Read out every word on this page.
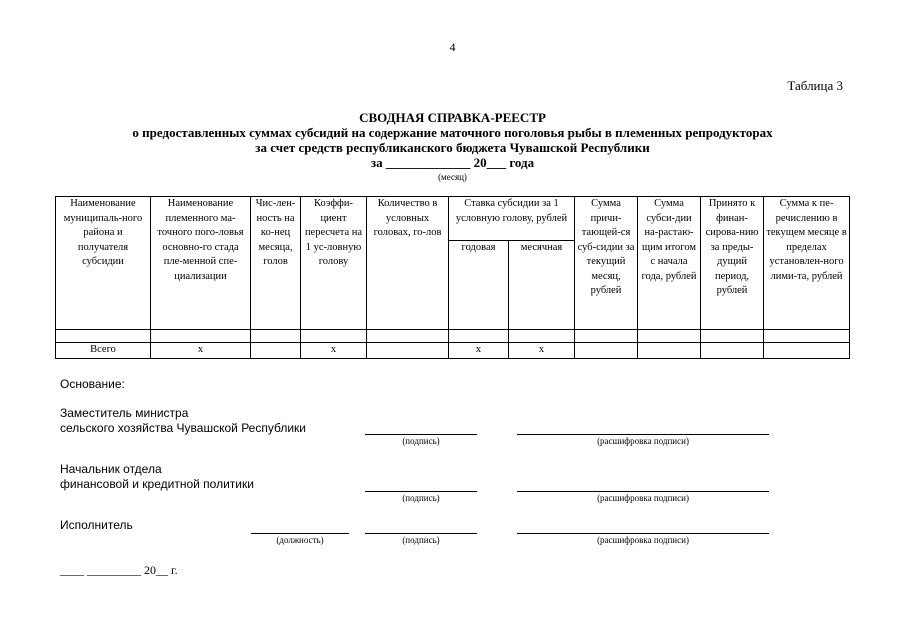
4
Таблица 3
СВОДНАЯ СПРАВКА-РЕЕСТР
о предоставленных суммах субсидий на содержание маточного поголовья рыбы в племенных репродукторах
за счет средств республиканского бюджета Чувашской Республики
за _____________ 20___ года
(месяц)
Наименование муниципаль-ного района и получателя субсидии	Наименование племенного ма-точного пого-ловья основно-го стада пле-менной спе-циализации	Чис-лен-ность на ко-нец месяца, голов	Коэффи-циент пересчета на 1 ус-ловную голову	Количество в условных головах, го-лов	Ставка субсидии за 1 условную голову, рублей		Сумма причи-тающей-ся суб-сидии за текущий месяц, рублей	Сумма субси-дии на-растаю-щим итогом с начала года, рублей	Принято к финан-сирова-нию за преды-дущий период, рублей	Сумма к пе-речислению в текущем месяце в пределах установлен-ного лими-та, рублей
					годовая	месячная				

Всего	х		х		х	х				
Основание:
Заместитель министра
сельского хозяйства Чувашской Республики
(подпись)	(расшифровка подписи)
Начальник отдела
финансовой и кредитной политики
(подпись)	(расшифровка подписи)
Исполнитель
(должность)	(подпись)	(расшифровка подписи)
____ _________ 20__ г.
